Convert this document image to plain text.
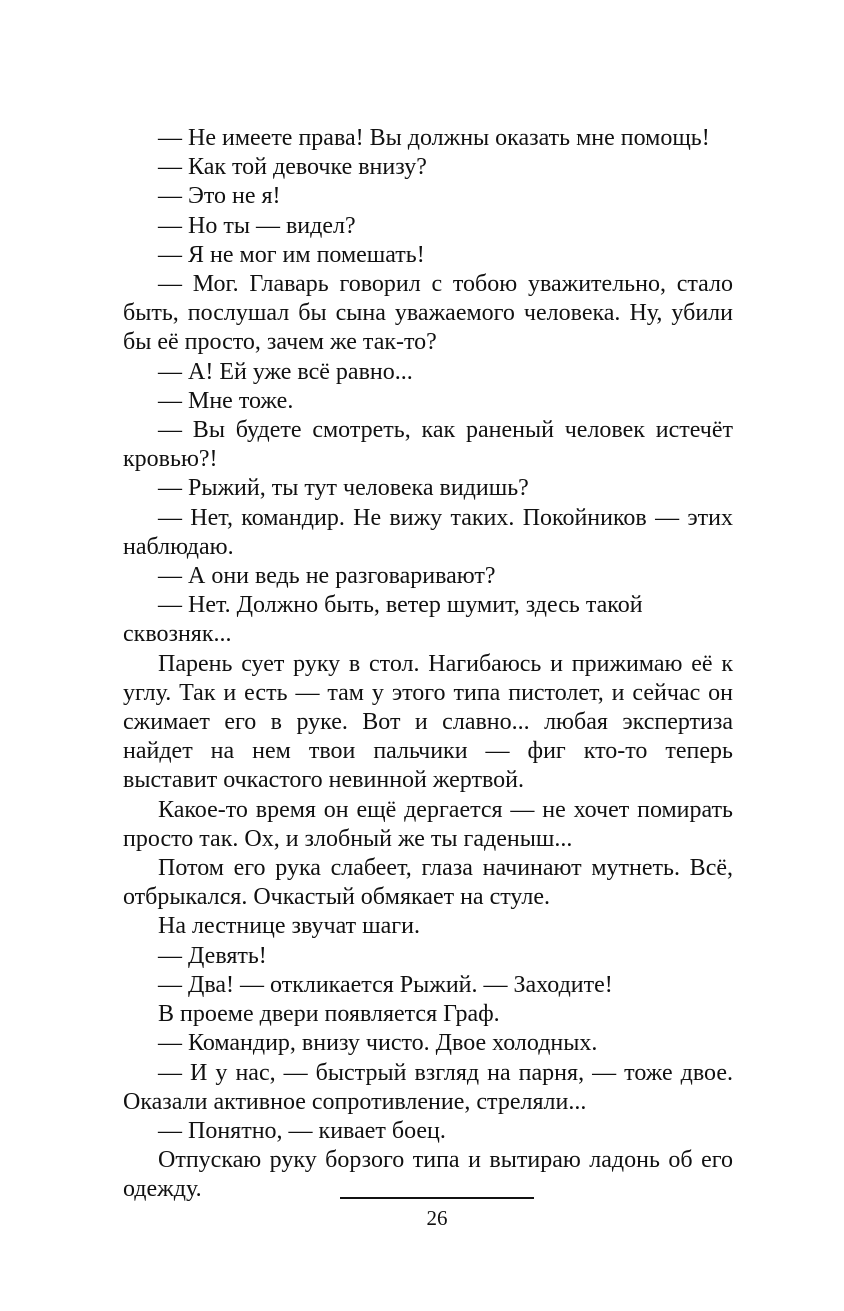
— Не имеете права! Вы должны оказать мне помощь!

— Как той девочке внизу?

— Это не я!

— Но ты — видел?

— Я не мог им помешать!

— Мог. Главарь говорил с тобою уважительно, стало быть, послушал бы сына уважаемого человека. Ну, убили бы её просто, зачем же так-то?

— А! Ей уже всё равно...

— Мне тоже.

— Вы будете смотреть, как раненый человек истечёт кровью?!

— Рыжий, ты тут человека видишь?

— Нет, командир. Не вижу таких. Покойников — этих наблюдаю.

— А они ведь не разговаривают?

— Нет. Должно быть, ветер шумит, здесь такой сквозняк...

Парень сует руку в стол. Нагибаюсь и прижимаю её к углу. Так и есть — там у этого типа пистолет, и сейчас он сжимает его в руке. Вот и славно... любая экспертиза найдет на нем твои пальчики — фиг кто-то теперь выставит очкастого невинной жертвой.

Какое-то время он ещё дергается — не хочет помирать просто так. Ох, и злобный же ты гаденыш...

Потом его рука слабеет, глаза начинают мутнеть. Всё, отбрыкался. Очкастый обмякает на стуле.

На лестнице звучат шаги.

— Девять!

— Два! — откликается Рыжий. — Заходите!

В проеме двери появляется Граф.

— Командир, внизу чисто. Двое холодных.

— И у нас, — быстрый взгляд на парня, — тоже двое. Оказали активное сопротивление, стреляли...

— Понятно, — кивает боец.

Отпускаю руку борзого типа и вытираю ладонь об его одежду.

26
